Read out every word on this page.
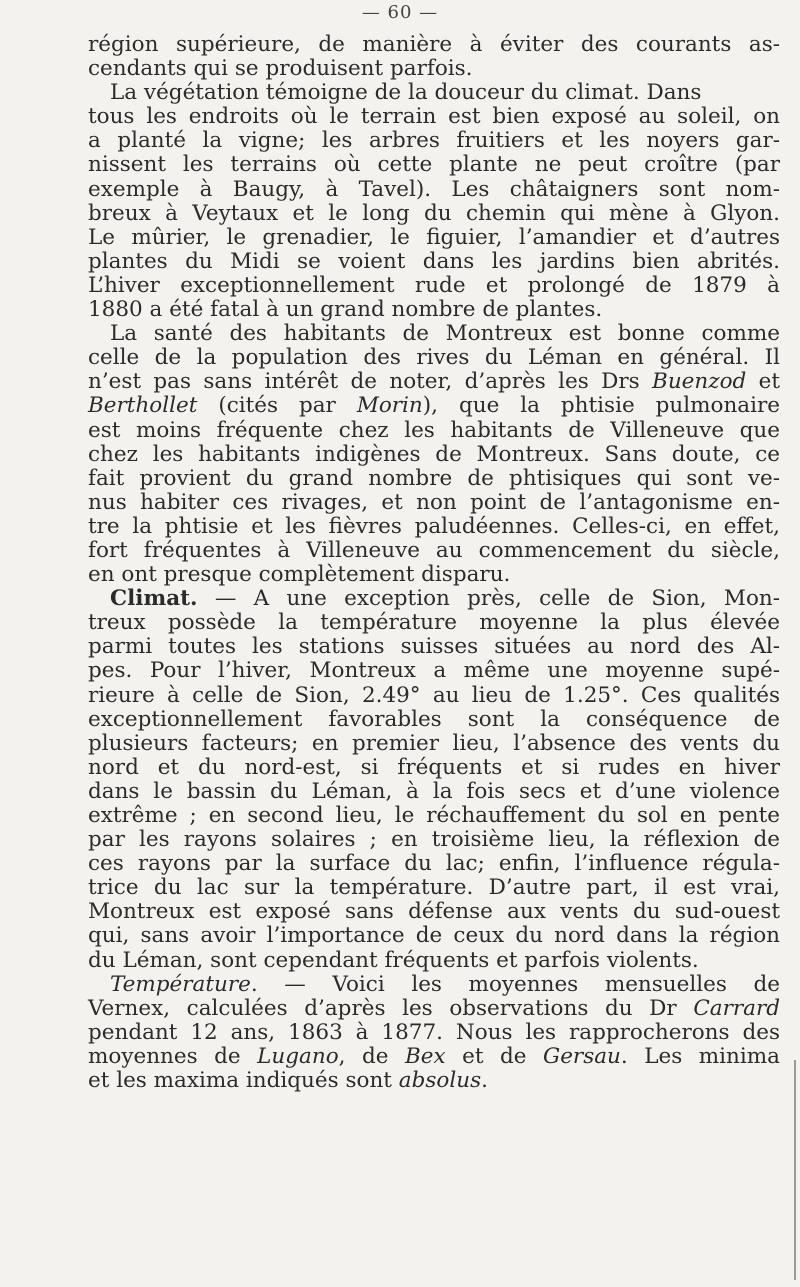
— 60 —
région supérieure, de manière à éviter des courants as-
cendants qui se produisent parfois.
La végétation témoigne de la douceur du climat. Dans
tous les endroits où le terrain est bien exposé au soleil, on
a planté la vigne; les arbres fruitiers et les noyers gar-
nissent les terrains où cette plante ne peut croître (par
exemple à Baugy, à Tavel). Les châtaigners sont nom-
breux à Veytaux et le long du chemin qui mène à Glyon.
Le mûrier, le grenadier, le figuier, l’amandier et d’autres
plantes du Midi se voient dans les jardins bien abrités.
L’hiver exceptionnellement rude et prolongé de 1879 à
1880 a été fatal à un grand nombre de plantes.
La santé des habitants de Montreux est bonne comme
celle de la population des rives du Léman en général. Il
n’est pas sans intérêt de noter, d’après les Drs Buenzod et
Berthollet (cités par Morin), que la phtisie pulmonaire
est moins fréquente chez les habitants de Villeneuve que
chez les habitants indigènes de Montreux. Sans doute, ce
fait provient du grand nombre de phtisiques qui sont ve-
nus habiter ces rivages, et non point de l’antagonisme en-
tre la phtisie et les fièvres paludéennes. Celles-ci, en effet,
fort fréquentes à Villeneuve au commencement du siècle,
en ont presque complètement disparu.
Climat. — A une exception près, celle de Sion, Mon-
treux possède la température moyenne la plus élevée
parmi toutes les stations suisses situées au nord des Al-
pes. Pour l’hiver, Montreux a même une moyenne supé-
rieure à celle de Sion, 2.49° au lieu de 1.25°. Ces qualités
exceptionnellement favorables sont la conséquence de
plusieurs facteurs; en premier lieu, l’absence des vents du
nord et du nord-est, si fréquents et si rudes en hiver
dans le bassin du Léman, à la fois secs et d’une violence
extrême ; en second lieu, le réchauffement du sol en pente
par les rayons solaires ; en troisième lieu, la réflexion de
ces rayons par la surface du lac; enfin, l’influence régula-
trice du lac sur la température. D’autre part, il est vrai,
Montreux est exposé sans défense aux vents du sud-ouest
qui, sans avoir l’importance de ceux du nord dans la région
du Léman, sont cependant fréquents et parfois violents.
Température. — Voici les moyennes mensuelles de
Vernex, calculées d’après les observations du Dr Carrard
pendant 12 ans, 1863 à 1877. Nous les rapprocherons des
moyennes de Lugano, de Bex et de Gersau. Les minima
et les maxima indiqués sont absolus.
